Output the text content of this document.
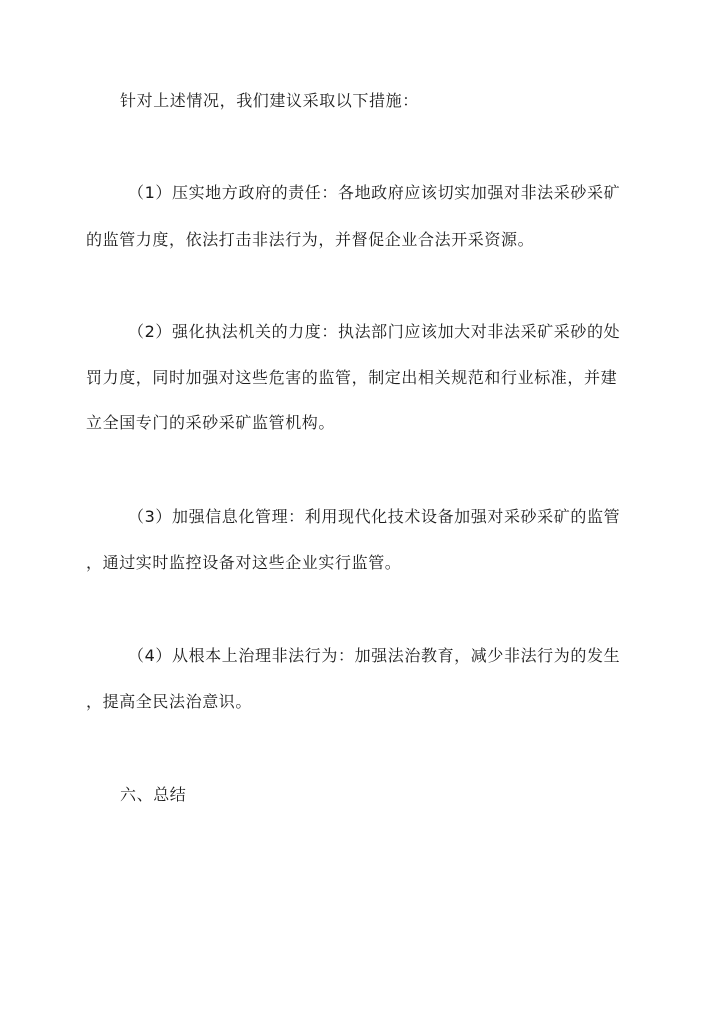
针对上述情况，我们建议采取以下措施：
（1）压实地方政府的责任：各地政府应该切实加强对非法采砂采矿
的监管力度，依法打击非法行为，并督促企业合法开采资源。
（2）强化执法机关的力度：执法部门应该加大对非法采矿采砂的处
罚力度，同时加强对这些危害的监管，制定出相关规范和行业标准，并建
立全国专门的采砂采矿监管机构。
（3）加强信息化管理：利用现代化技术设备加强对采砂采矿的监管
，通过实时监控设备对这些企业实行监管。
（4）从根本上治理非法行为：加强法治教育，减少非法行为的发生
，提高全民法治意识。
六、总结
